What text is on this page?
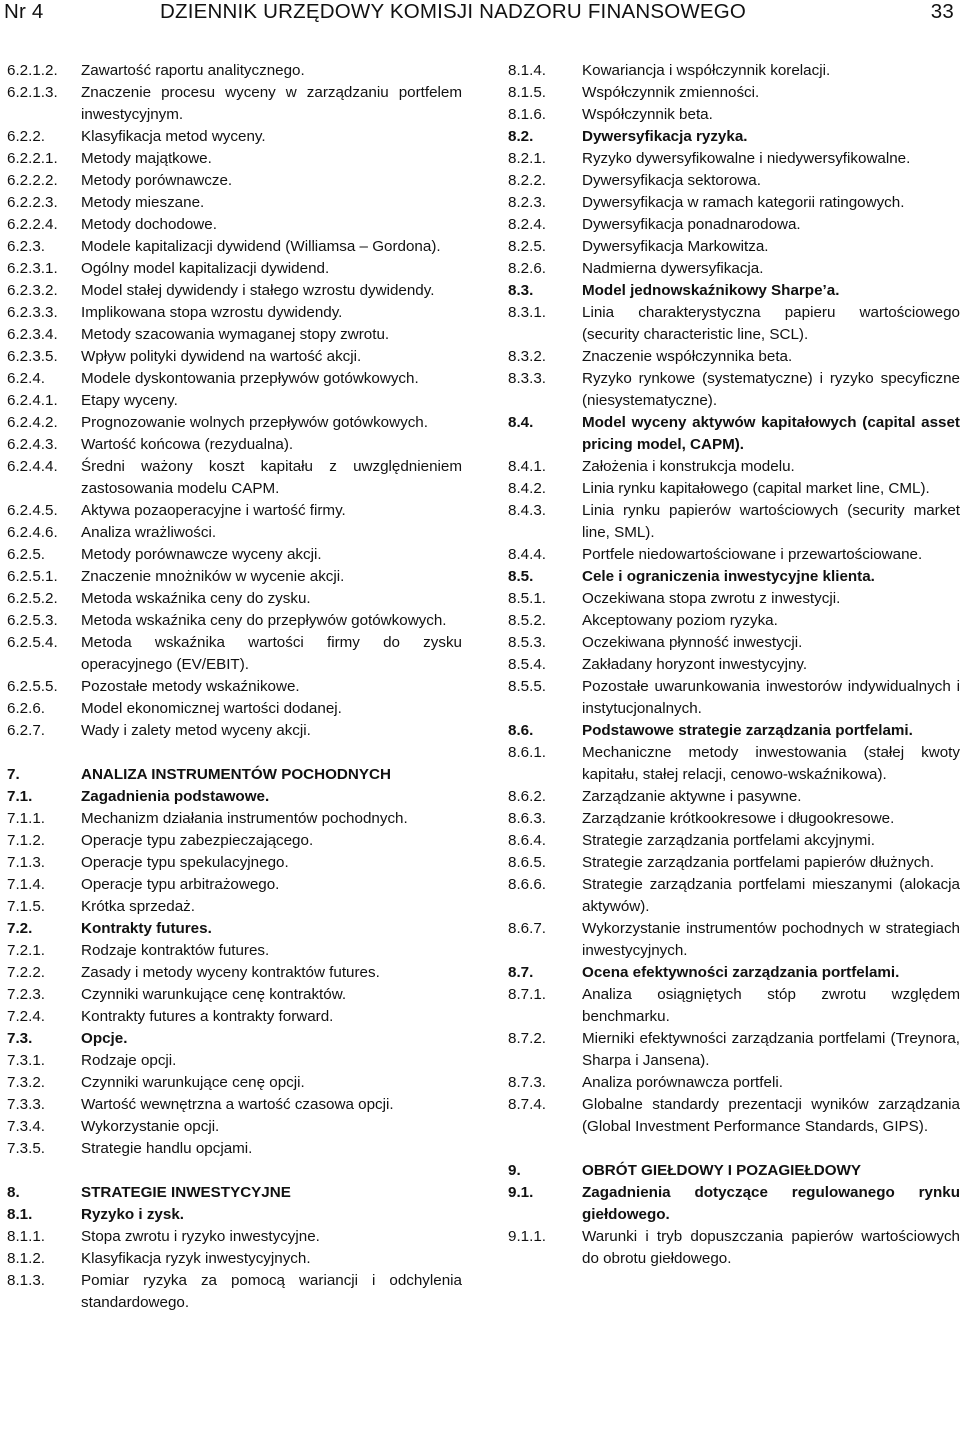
Nr 4	DZIENNIK URZĘDOWY KOMISJI NADZORU FINANSOWEGO	33
6.2.1.2.	Zawartość raportu analitycznego.
6.2.1.3.	Znaczenie procesu wyceny w zarządzaniu portfelem inwestycyjnym.
6.2.2.	Klasyfikacja metod wyceny.
6.2.2.1.	Metody majątkowe.
6.2.2.2.	Metody porównawcze.
6.2.2.3.	Metody mieszane.
6.2.2.4.	Metody dochodowe.
6.2.3.	Modele kapitalizacji dywidend (Williamsa – Gordona).
6.2.3.1.	Ogólny model kapitalizacji dywidend.
6.2.3.2.	Model stałej dywidendy i stałego wzrostu dywidendy.
6.2.3.3.	Implikowana stopa wzrostu dywidendy.
6.2.3.4.	Metody szacowania wymaganej stopy zwrotu.
6.2.3.5.	Wpływ polityki dywidend na wartość akcji.
6.2.4.	Modele dyskontowania przepływów gotówkowych.
6.2.4.1.	Etapy wyceny.
6.2.4.2.	Prognozowanie wolnych przepływów gotówkowych.
6.2.4.3.	Wartość końcowa (rezydualna).
6.2.4.4.	Średni ważony koszt kapitału z uwzględnieniem zastosowania modelu CAPM.
6.2.4.5.	Aktywa pozaoperacyjne i wartość firmy.
6.2.4.6.	Analiza wrażliwości.
6.2.5.	Metody porównawcze wyceny akcji.
6.2.5.1.	Znaczenie mnożników w wycenie akcji.
6.2.5.2.	Metoda wskaźnika ceny do zysku.
6.2.5.3.	Metoda wskaźnika ceny do przepływów gotówkowych.
6.2.5.4.	Metoda wskaźnika wartości firmy do zysku operacyjnego (EV/EBIT).
6.2.5.5.	Pozostałe metody wskaźnikowe.
6.2.6.	Model ekonomicznej wartości dodanej.
6.2.7.	Wady i zalety metod wyceny akcji.
7.	ANALIZA INSTRUMENTÓW POCHODNYCH
7.1.	Zagadnienia podstawowe.
7.1.1.	Mechanizm działania instrumentów pochodnych.
7.1.2.	Operacje typu zabezpieczającego.
7.1.3.	Operacje typu spekulacyjnego.
7.1.4.	Operacje typu arbitrażowego.
7.1.5.	Krótka sprzedaż.
7.2.	Kontrakty futures.
7.2.1.	Rodzaje kontraktów futures.
7.2.2.	Zasady i metody wyceny kontraktów futures.
7.2.3.	Czynniki warunkujące cenę kontraktów.
7.2.4.	Kontrakty futures a kontrakty forward.
7.3.	Opcje.
7.3.1.	Rodzaje opcji.
7.3.2.	Czynniki warunkujące cenę opcji.
7.3.3.	Wartość wewnętrzna a wartość czasowa opcji.
7.3.4.	Wykorzystanie opcji.
7.3.5.	Strategie handlu opcjami.
8.	STRATEGIE INWESTYCYJNE
8.1.	Ryzyko i zysk.
8.1.1.	Stopa zwrotu i ryzyko inwestycyjne.
8.1.2.	Klasyfikacja ryzyk inwestycyjnych.
8.1.3.	Pomiar ryzyka za pomocą wariancji i odchylenia standardowego.
8.1.4.	Kowariancja i współczynnik korelacji.
8.1.5.	Współczynnik zmienności.
8.1.6.	Współczynnik beta.
8.2.	Dywersyfikacja ryzyka.
8.2.1.	Ryzyko dywersyfikowalne i niedywersyfikowalne.
8.2.2.	Dywersyfikacja sektorowa.
8.2.3.	Dywersyfikacja w ramach kategorii ratingowych.
8.2.4.	Dywersyfikacja ponadnarodowa.
8.2.5.	Dywersyfikacja Markowitza.
8.2.6.	Nadmierna dywersyfikacja.
8.3.	Model jednowskaźnikowy Sharpe’a.
8.3.1.	Linia charakterystyczna papieru wartościowego (security characteristic line, SCL).
8.3.2.	Znaczenie współczynnika beta.
8.3.3.	Ryzyko rynkowe (systematyczne) i ryzyko specyficzne (niesystematyczne).
8.4.	Model wyceny aktywów kapitałowych (capital asset pricing model, CAPM).
8.4.1.	Założenia i konstrukcja modelu.
8.4.2.	Linia rynku kapitałowego (capital market line, CML).
8.4.3.	Linia rynku papierów wartościowych (security market line, SML).
8.4.4.	Portfele niedowartościowane i przewartościowane.
8.5.	Cele i ograniczenia inwestycyjne klienta.
8.5.1.	Oczekiwana stopa zwrotu z inwestycji.
8.5.2.	Akceptowany poziom ryzyka.
8.5.3.	Oczekiwana płynność inwestycji.
8.5.4.	Zakładany horyzont inwestycyjny.
8.5.5.	Pozostałe uwarunkowania inwestorów indywidualnych i instytucjonalnych.
8.6.	Podstawowe strategie zarządzania portfelami.
8.6.1.	Mechaniczne metody inwestowania (stałej kwoty kapitału, stałej relacji, cenowo-wskaźnikowa).
8.6.2.	Zarządzanie aktywne i pasywne.
8.6.3.	Zarządzanie krótkookresowe i długookresowe.
8.6.4.	Strategie zarządzania portfelami akcyjnymi.
8.6.5.	Strategie zarządzania portfelami papierów dłużnych.
8.6.6.	Strategie zarządzania portfelami mieszanymi (alokacja aktywów).
8.6.7.	Wykorzystanie instrumentów pochodnych w strategiach inwestycyjnych.
8.7.	Ocena efektywności zarządzania portfelami.
8.7.1.	Analiza osiągniętych stóp zwrotu względem benchmarku.
8.7.2.	Mierniki efektywności zarządzania portfelami (Treynora, Sharpa i Jansena).
8.7.3.	Analiza porównawcza portfeli.
8.7.4.	Globalne standardy prezentacji wyników zarządzania (Global Investment Performance Standards, GIPS).
9.	OBRÓT GIEŁDOWY I POZAGIEŁDOWY
9.1.	Zagadnienia dotyczące regulowanego rynku giełdowego.
9.1.1.	Warunki i tryb dopuszczania papierów wartościowych do obrotu giełdowego.
